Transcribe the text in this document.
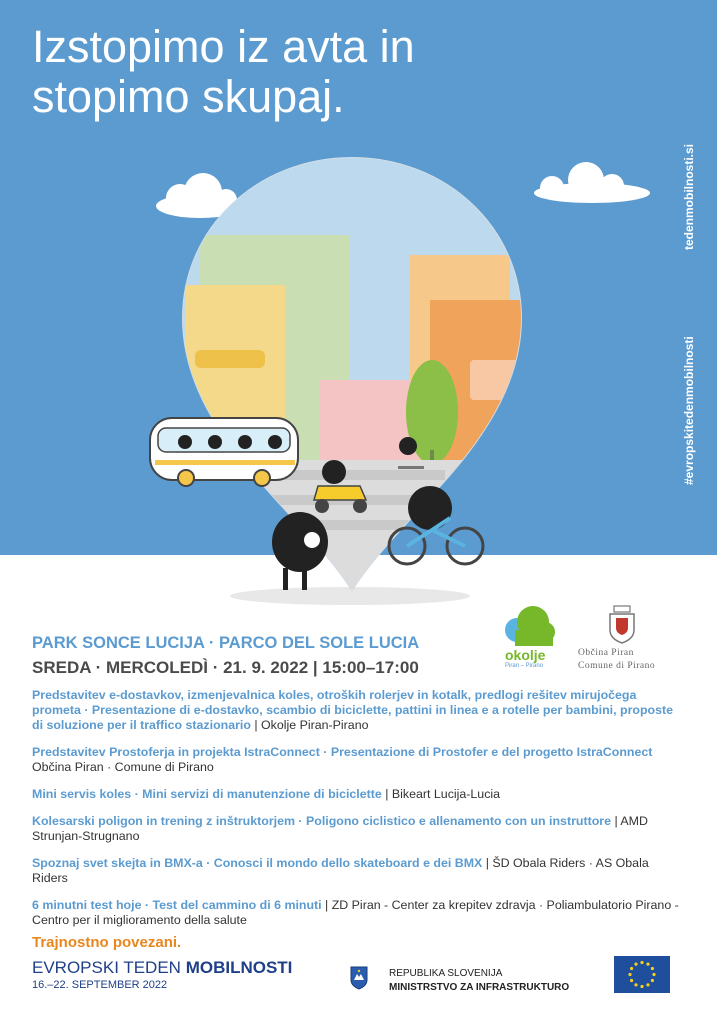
Izstopimo iz avta in
stopimo skupaj.
tedenmobilnosti.si
#evropskitedenmobilnosti
PARK SONCE LUCIJA · PARCO DEL SOLE LUCIA
SREDA · MERCOLEDÌ · 21. 9. 2022 | 15:00–17:00
Predstavitev e-dostavkov, izmenjevalnica koles, otroških rolerjev in kotalk, predlogi rešitev mirujočega prometa · Presentazione di e-dostavko, scambio di biciclette, pattini in linea e a rotelle per bambini, proposte di soluzione per il traffico stazionario | Okolje Piran-Pirano
Predstavitev Prostoferja in projekta IstraConnect · Presentazione di Prostofer e del progetto IstraConnect
Občina Piran · Comune di Pirano
Mini servis koles · Mini servizi di manutenzione di biciclette | Bikeart Lucija-Lucia
Kolesarski poligon in trening z inštruktorjem · Poligono ciclistico e allenamento con un instruttore | AMD Strunjan-Strugnano
Spoznaj svet skejta in BMX-a · Conosci il mondo dello skateboard e dei BMX | ŠD Obala Riders · AS Obala Riders
6 minutni test hoje · Test del cammino di 6 minuti | ZD Piran - Center za krepitev zdravja · Poliambulatorio Pirano - Centro per il miglioramento della salute
okolje
Piran – Pirano
Občina Piran
Comune di Pirano
Trajnostno povezani.
EVROPSKI TEDEN MOBILNOSTI
16.–22. SEPTEMBER 2022
REPUBLIKA SLOVENIJA
MINISTRSTVO ZA INFRASTRUKTURO
